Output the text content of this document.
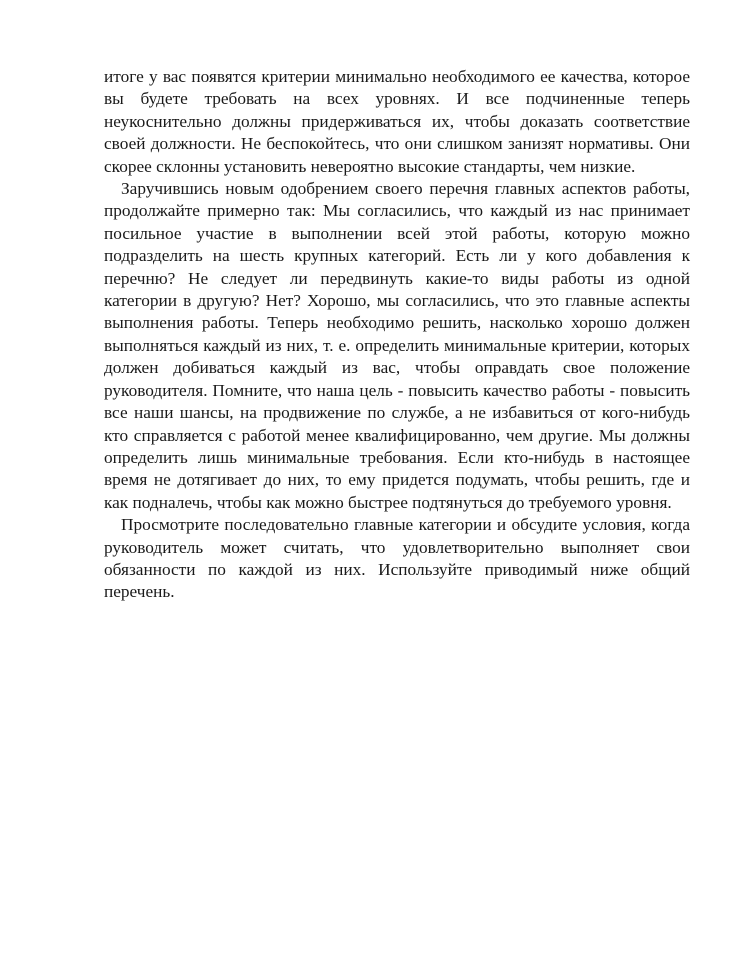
итоге у вас появятся критерии минимально необходимого ее качества, которое вы будете требовать на всех уровнях. И все подчиненные теперь неукоснительно должны придерживаться их, чтобы доказать соответствие своей должности. Не беспокойтесь, что они слишком занизят нормативы. Они скорее склонны установить невероятно высокие стандарты, чем низкие.

Заручившись новым одобрением своего перечня главных аспектов работы, продолжайте примерно так: Мы согласились, что каждый из нас принимает посильное участие в выполнении всей этой работы, которую можно подразделить на шесть крупных категорий. Есть ли у кого добавления к перечню? Не следует ли передвинуть какие-то виды работы из одной категории в другую? Нет? Хорошо, мы согласились, что это главные аспекты выполнения работы. Теперь необходимо решить, насколько хорошо должен выполняться каждый из них, т. е. определить минимальные критерии, которых должен добиваться каждый из вас, чтобы оправдать свое положение руководителя. Помните, что наша цель - повысить качество работы - повысить все наши шансы, на продвижение по службе, а не избавиться от кого-нибудь кто справляется с работой менее квалифицированно, чем другие. Мы должны определить лишь минимальные требования. Если кто-нибудь в настоящее время не дотягивает до них, то ему придется подумать, чтобы решить, где и как подналечь, чтобы как можно быстрее подтянуться до требуемого уровня.

Просмотрите последовательно главные категории и обсудите условия, когда руководитель может считать, что удовлетворительно выполняет свои обязанности по каждой из них. Используйте приводимый ниже общий перечень.
